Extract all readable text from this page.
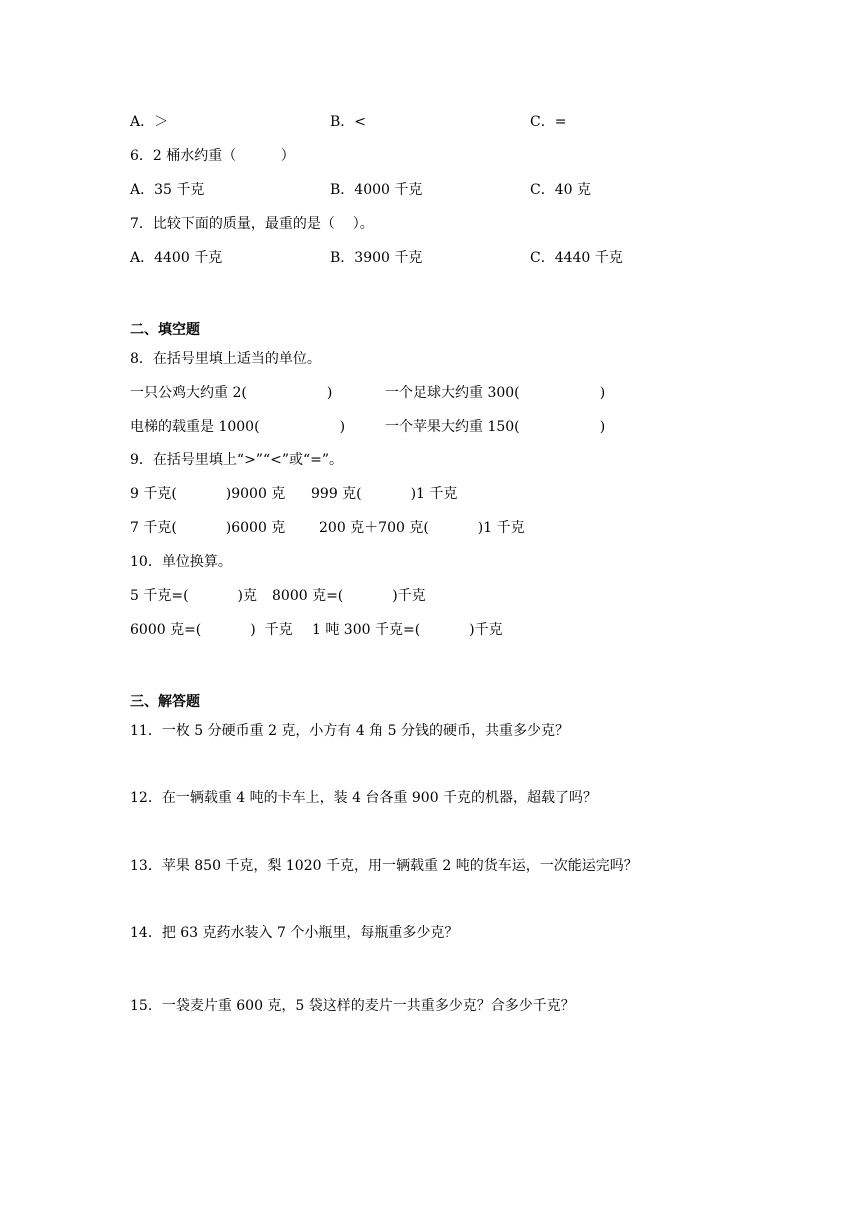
A．＞	B．<	C．=
6．2 桶水约重（          ）
A．35 千克	B．4000 千克	C．40 克
7．比较下面的质量，最重的是（    ）。
A．4400 千克	B．3900 千克	C．4440 千克
二、填空题
8．在括号里填上适当的单位。
一只公鸡大约重 2(                  )	一个足球大约重 300(                  )
电梯的载重是 1000(                  )	一个苹果大约重 150(                  )
9．在括号里填上“>”“<”或“=”。
9 千克(           )9000 克 999 克(           )1 千克
7 千克(           )6000 克 200 克＋700 克(           )1 千克
10．单位换算。
5 千克=(           )克 8000 克=(           )千克
6000 克=(           )  千克 1 吨 300 千克=(           )千克
三、解答题
11．一枚 5 分硬币重 2 克，小方有 4 角 5 分钱的硬币，共重多少克？
12．在一辆载重 4 吨的卡车上，装 4 台各重 900 千克的机器，超载了吗？
13．苹果 850 千克，梨 1020 千克，用一辆载重 2 吨的货车运，一次能运完吗？
14．把 63 克药水装入 7 个小瓶里，每瓶重多少克？
15．一袋麦片重 600 克，5 袋这样的麦片一共重多少克？合多少千克？
